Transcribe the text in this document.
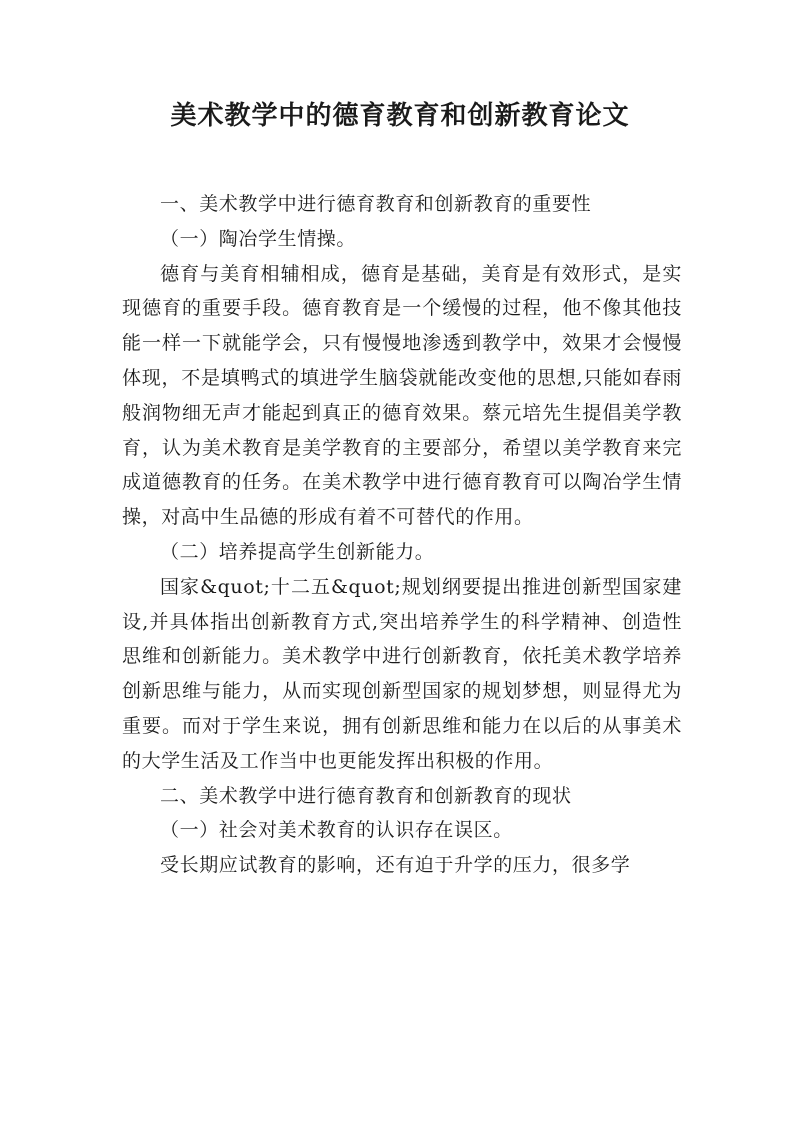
美术教学中的德育教育和创新教育论文

一、美术教学中进行德育教育和创新教育的重要性

（一）陶冶学生情操。

德育与美育相辅相成，德育是基础，美育是有效形式，是实现德育的重要手段。德育教育是一个缓慢的过程，他不像其他技能一样一下就能学会，只有慢慢地渗透到教学中，效果才会慢慢体现，不是填鸭式的填进学生脑袋就能改变他的思想,只能如春雨般润物细无声才能起到真正的德育效果。蔡元培先生提倡美学教育，认为美术教育是美学教育的主要部分，希望以美学教育来完成道德教育的任务。在美术教学中进行德育教育可以陶冶学生情操，对高中生品德的形成有着不可替代的作用。

（二）培养提高学生创新能力。

国家&quot;十二五&quot;规划纲要提出推进创新型国家建设,并具体指出创新教育方式,突出培养学生的科学精神、创造性思维和创新能力。美术教学中进行创新教育，依托美术教学培养创新思维与能力，从而实现创新型国家的规划梦想，则显得尤为重要。而对于学生来说，拥有创新思维和能力在以后的从事美术的大学生活及工作当中也更能发挥出积极的作用。

二、美术教学中进行德育教育和创新教育的现状

（一）社会对美术教育的认识存在误区。

受长期应试教育的影响，还有迫于升学的压力，很多学
